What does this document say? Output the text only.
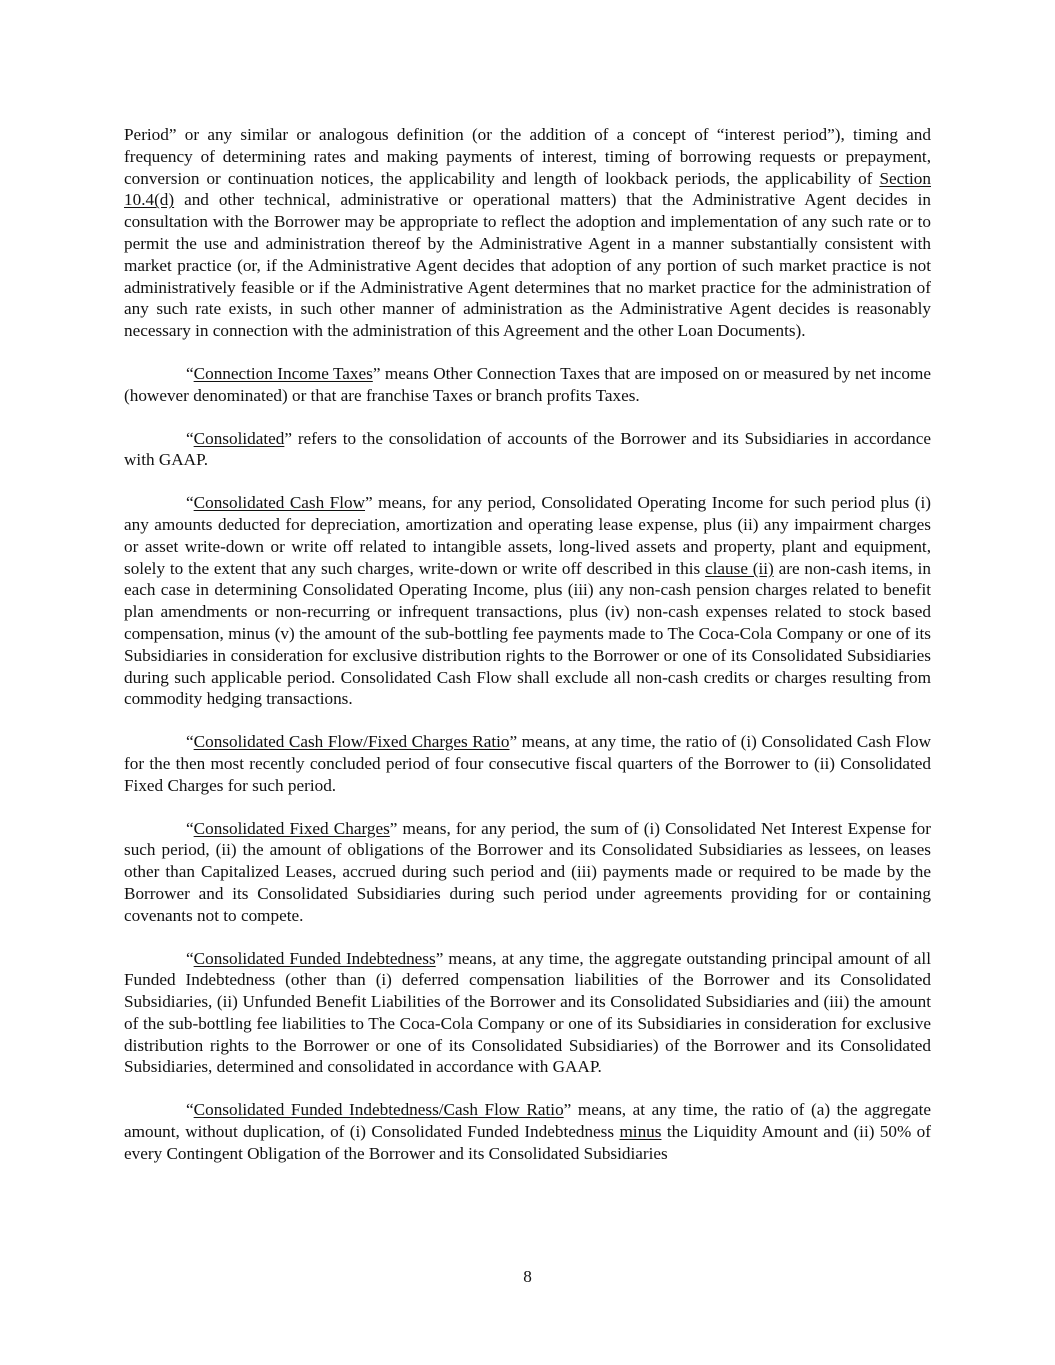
Period” or any similar or analogous definition (or the addition of a concept of “interest period”), timing and frequency of determining rates and making payments of interest, timing of borrowing requests or prepayment, conversion or continuation notices, the applicability and length of lookback periods, the applicability of Section 10.4(d) and other technical, administrative or operational matters) that the Administrative Agent decides in consultation with the Borrower may be appropriate to reflect the adoption and implementation of any such rate or to permit the use and administration thereof by the Administrative Agent in a manner substantially consistent with market practice (or, if the Administrative Agent decides that adoption of any portion of such market practice is not administratively feasible or if the Administrative Agent determines that no market practice for the administration of any such rate exists, in such other manner of administration as the Administrative Agent decides is reasonably necessary in connection with the administration of this Agreement and the other Loan Documents).

“Connection Income Taxes” means Other Connection Taxes that are imposed on or measured by net income (however denominated) or that are franchise Taxes or branch profits Taxes.

“Consolidated” refers to the consolidation of accounts of the Borrower and its Subsidiaries in accordance with GAAP.

“Consolidated Cash Flow” means, for any period, Consolidated Operating Income for such period plus (i) any amounts deducted for depreciation, amortization and operating lease expense, plus (ii) any impairment charges or asset write-down or write off related to intangible assets, long-lived assets and property, plant and equipment, solely to the extent that any such charges, write-down or write off described in this clause (ii) are non-cash items, in each case in determining Consolidated Operating Income, plus (iii) any non-cash pension charges related to benefit plan amendments or non-recurring or infrequent transactions, plus (iv) non-cash expenses related to stock based compensation, minus (v) the amount of the sub-bottling fee payments made to The Coca-Cola Company or one of its Subsidiaries in consideration for exclusive distribution rights to the Borrower or one of its Consolidated Subsidiaries during such applicable period. Consolidated Cash Flow shall exclude all non-cash credits or charges resulting from commodity hedging transactions.

“Consolidated Cash Flow/Fixed Charges Ratio” means, at any time, the ratio of (i) Consolidated Cash Flow for the then most recently concluded period of four consecutive fiscal quarters of the Borrower to (ii) Consolidated Fixed Charges for such period.

“Consolidated Fixed Charges” means, for any period, the sum of (i) Consolidated Net Interest Expense for such period, (ii) the amount of obligations of the Borrower and its Consolidated Subsidiaries as lessees, on leases other than Capitalized Leases, accrued during such period and (iii) payments made or required to be made by the Borrower and its Consolidated Subsidiaries during such period under agreements providing for or containing covenants not to compete.

“Consolidated Funded Indebtedness” means, at any time, the aggregate outstanding principal amount of all Funded Indebtedness (other than (i) deferred compensation liabilities of the Borrower and its Consolidated Subsidiaries, (ii) Unfunded Benefit Liabilities of the Borrower and its Consolidated Subsidiaries and (iii) the amount of the sub-bottling fee liabilities to The Coca-Cola Company or one of its Subsidiaries in consideration for exclusive distribution rights to the Borrower or one of its Consolidated Subsidiaries) of the Borrower and its Consolidated Subsidiaries, determined and consolidated in accordance with GAAP.

“Consolidated Funded Indebtedness/Cash Flow Ratio” means, at any time, the ratio of (a) the aggregate amount, without duplication, of (i) Consolidated Funded Indebtedness minus the Liquidity Amount and (ii) 50% of every Contingent Obligation of the Borrower and its Consolidated Subsidiaries

8
